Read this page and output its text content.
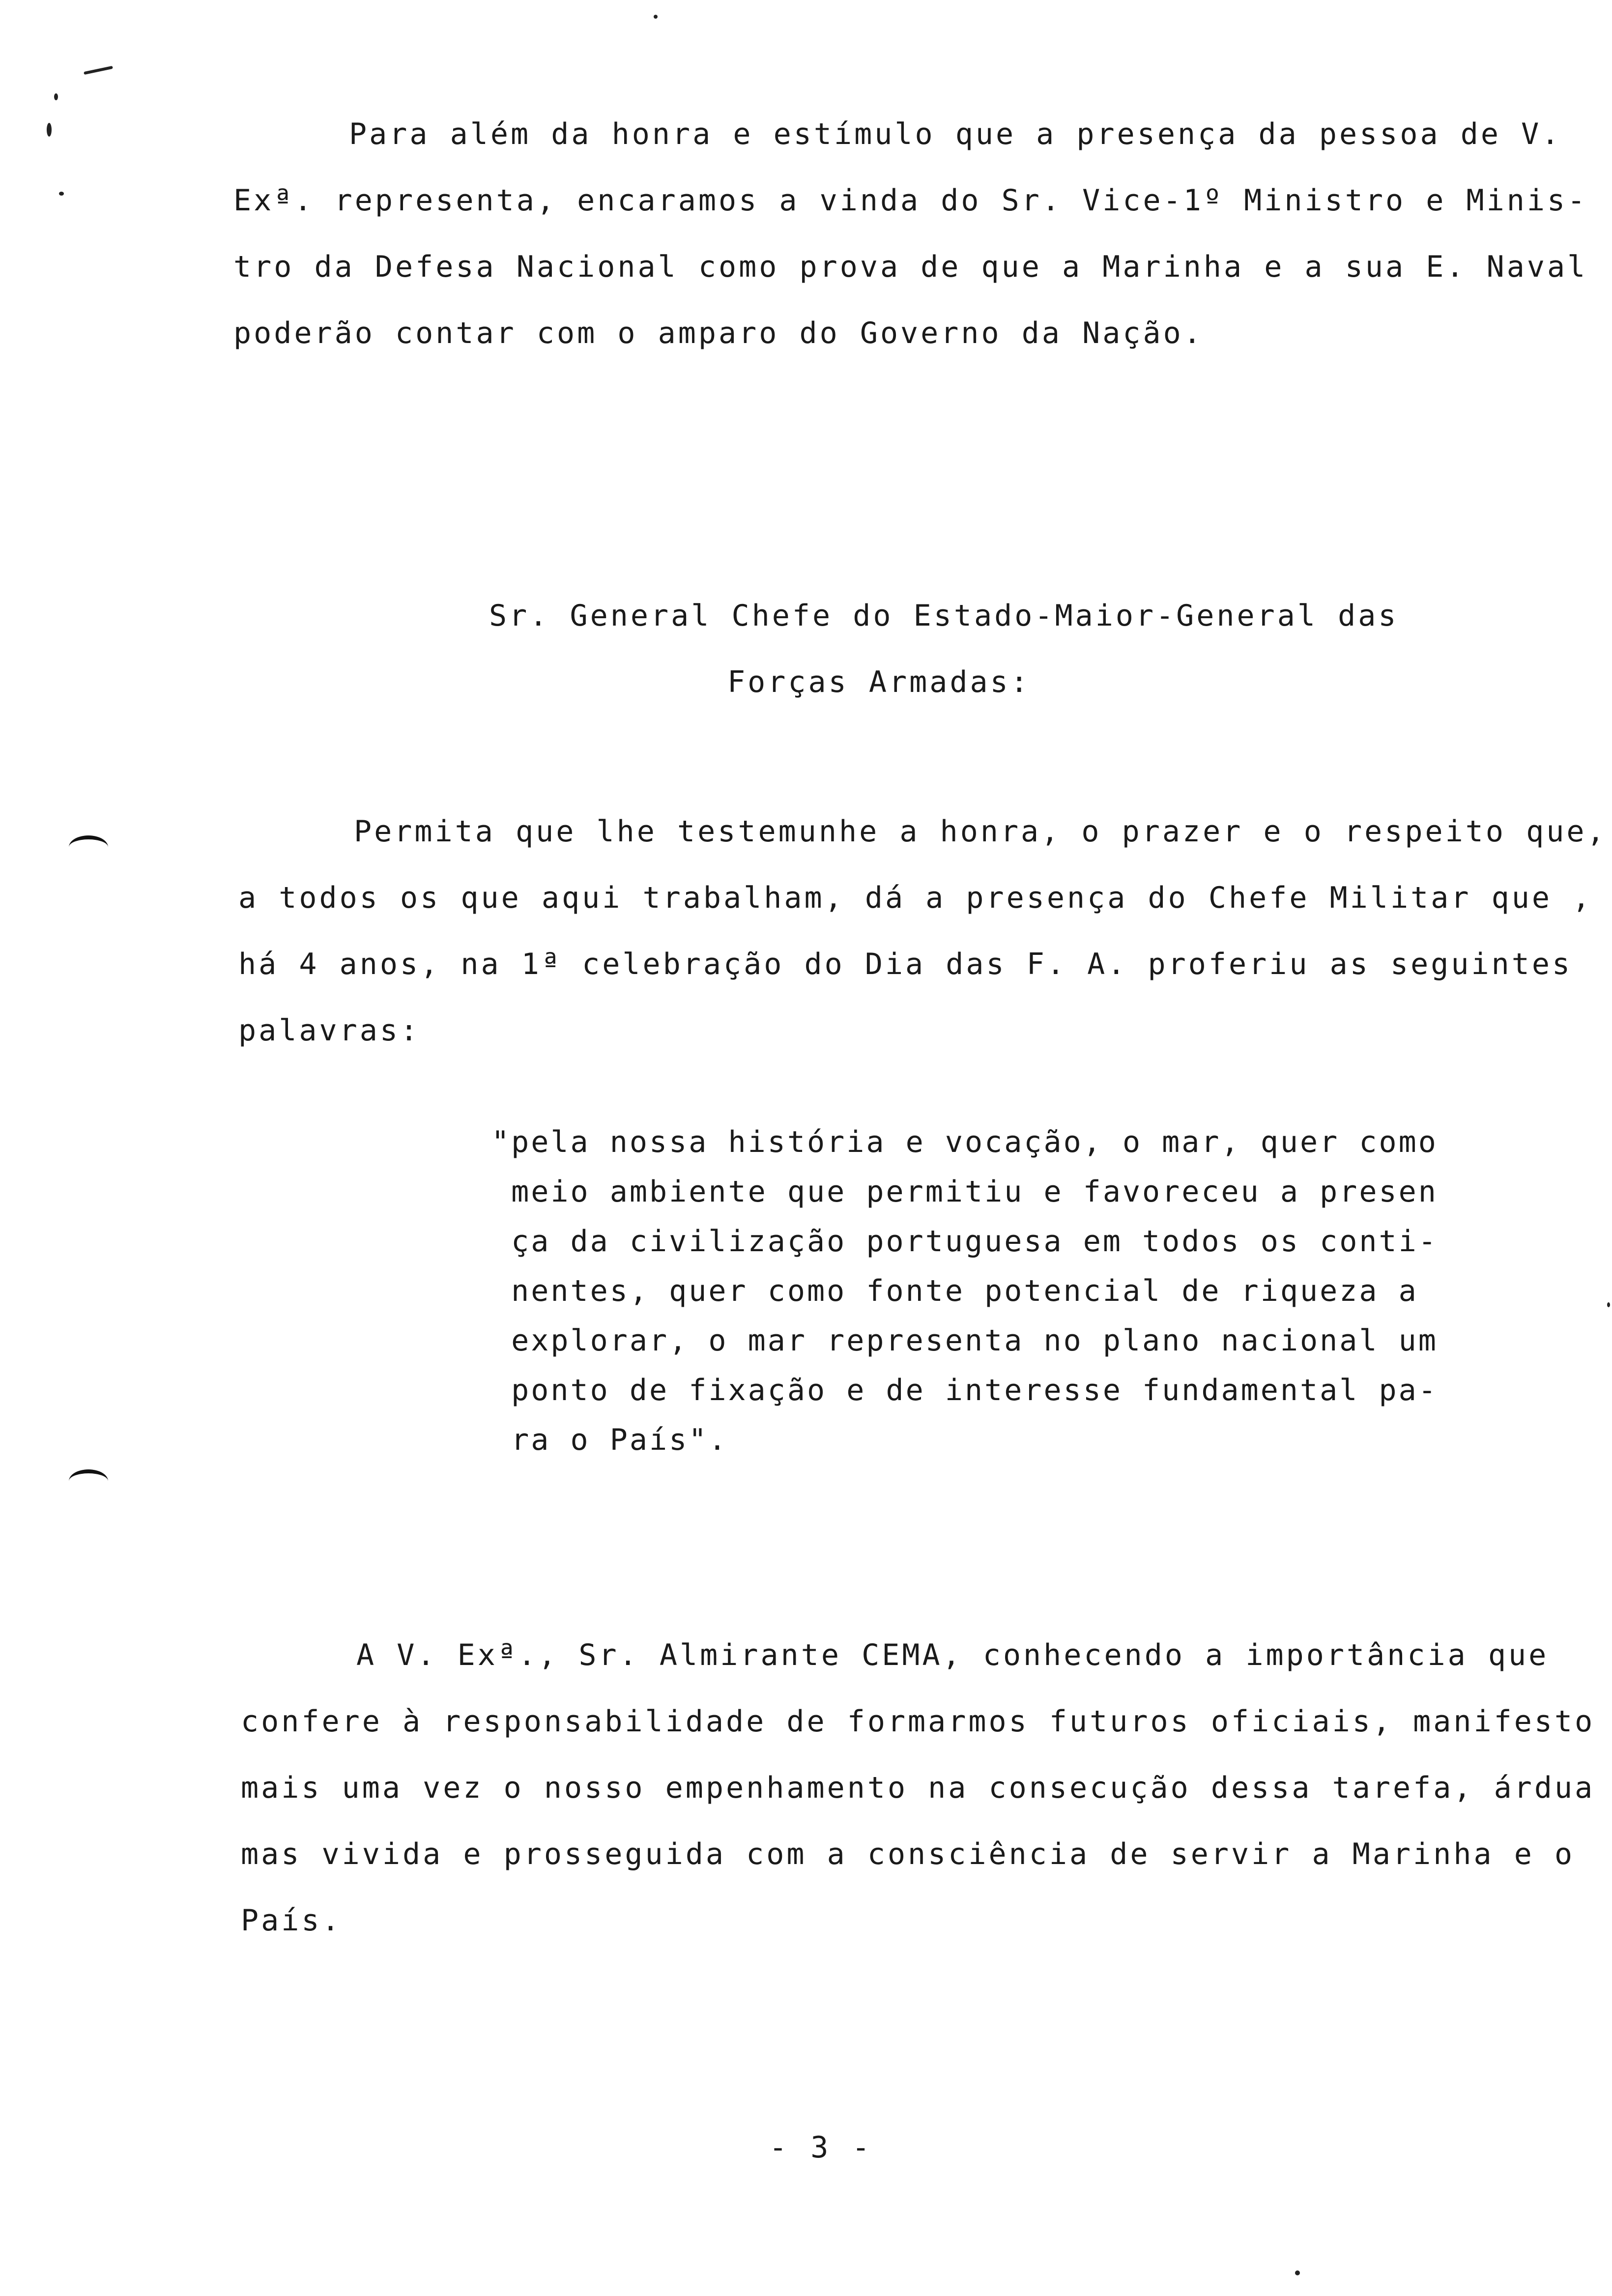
Para além da honra e estímulo que a presença da pessoa de V.
Exª. representa, encaramos a vinda do Sr. Vice-1º Ministro e Minis-
tro da Defesa Nacional como prova de que a Marinha e a sua E. Naval
poderão contar com o amparo do Governo da Nação.
Sr. General Chefe do Estado-Maior-General das
Forças Armadas:
Permita que lhe testemunhe a honra, o prazer e o respeito que,
a todos os que aqui trabalham, dá a presença do Chefe Militar que ,
há 4 anos, na 1ª celebração do Dia das F. A. proferiu as seguintes
palavras:
"pela nossa história e vocação, o mar, quer como
meio ambiente que permitiu e favoreceu a presen
ça da civilização portuguesa em todos os conti-
nentes, quer como fonte potencial de riqueza a
explorar, o mar representa no plano nacional um
ponto de fixação e de interesse fundamental pa-
ra o País".
A V. Exª., Sr. Almirante CEMA, conhecendo a importância que
confere à responsabilidade de formarmos futuros oficiais, manifesto
mais uma vez o nosso empenhamento na consecução dessa tarefa, árdua
mas vivida e prosseguida com a consciência de servir a Marinha e o
País.
- 3 -
